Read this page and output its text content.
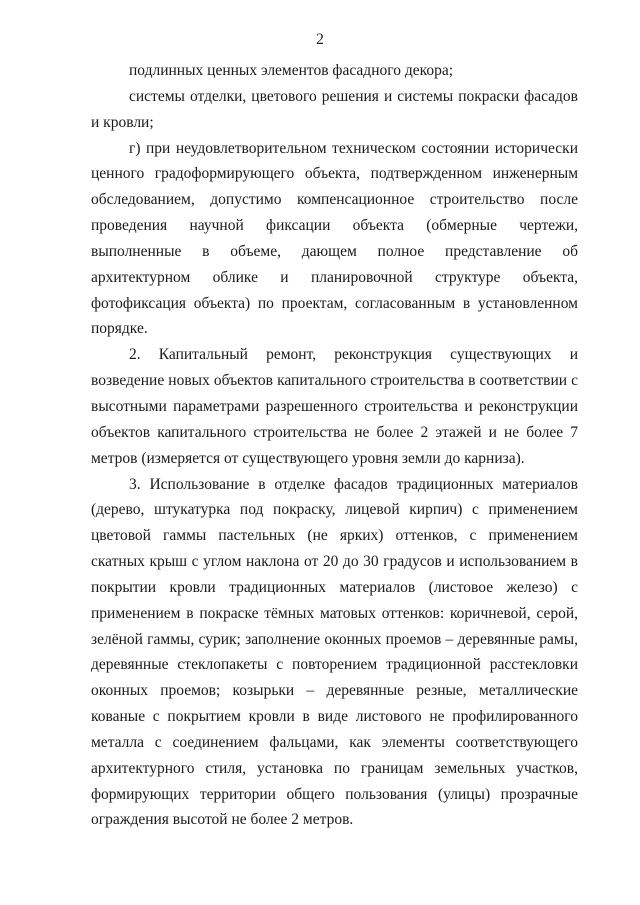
2

подлинных ценных элементов фасадного декора;

системы отделки, цветового решения и системы покраски фасадов и кровли;

г) при неудовлетворительном техническом состоянии исторически ценного градоформирующего объекта, подтвержденном инженерным обследованием, допустимо компенсационное строительство после проведения научной фиксации объекта (обмерные чертежи, выполненные в объеме, дающем полное представление об архитектурном облике и планировочной структуре объекта, фотофиксация объекта) по проектам, согласованным в установленном порядке.

2. Капитальный ремонт, реконструкция существующих и возведение новых объектов капитального строительства в соответствии с высотными параметрами разрешенного строительства и реконструкции объектов капитального строительства не более 2 этажей и не более 7 метров (измеряется от существующего уровня земли до карниза).

3. Использование в отделке фасадов традиционных материалов (дерево, штукатурка под покраску, лицевой кирпич) с применением цветовой гаммы пастельных (не ярких) оттенков, с применением скатных крыш с углом наклона от 20 до 30 градусов и использованием в покрытии кровли традиционных материалов (листовое железо) с применением в покраске тёмных матовых оттенков: коричневой, серой, зелёной гаммы, сурик; заполнение оконных проемов – деревянные рамы, деревянные стеклопакеты с повторением традиционной расстекловки оконных проемов; козырьки – деревянные резные, металлические кованые с покрытием кровли в виде листового не профилированного металла с соединением фальцами, как элементы соответствующего архитектурного стиля, установка по границам земельных участков, формирующих территории общего пользования (улицы) прозрачные ограждения высотой не более 2 метров.
